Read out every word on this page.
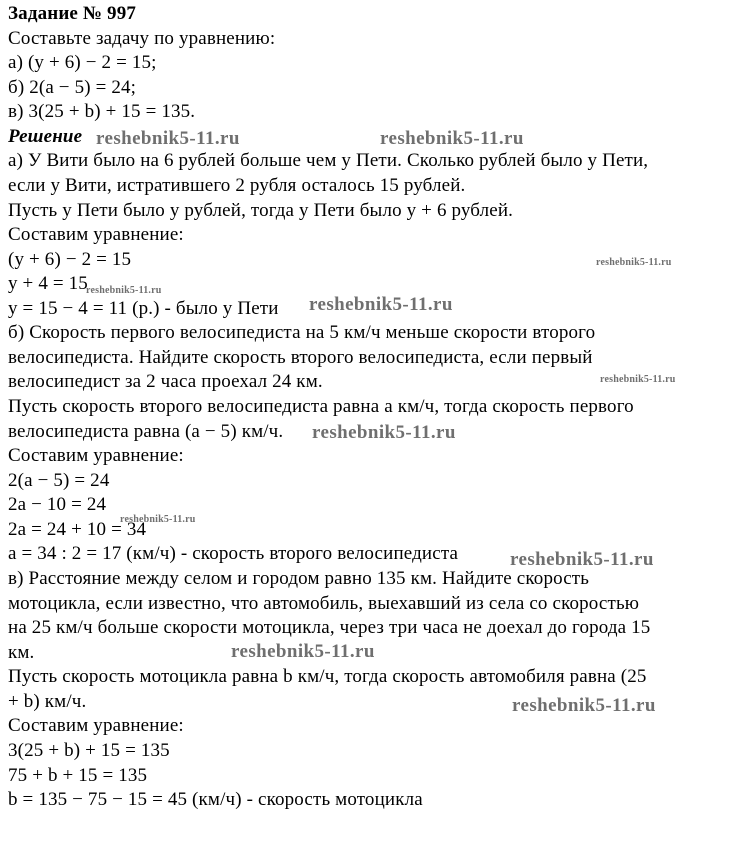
Задание № 997
Составьте задачу по уравнению:
а) (y + 6) − 2 = 15;
б) 2(a − 5) = 24;
в) 3(25 + b) + 15 = 135.
Решение
а) У Вити было на 6 рублей больше чем у Пети. Сколько рублей было у Пети,
если у Вити, истратившего 2 рубля осталось 15 рублей.
Пусть у Пети было y рублей, тогда у Пети было y + 6 рублей.
Составим уравнение:
(y + 6) − 2 = 15
y + 4 = 15
y = 15 − 4 = 11 (р.) - было у Пети
б) Скорость первого велосипедиста на 5 км/ч меньше скорости второго
велосипедиста. Найдите скорость второго велосипедиста, если первый
велосипедист за 2 часа проехал 24 км.
Пусть скорость второго велосипедиста равна a км/ч, тогда скорость первого
велосипедиста равна (a − 5) км/ч.
Составим уравнение:
2(a − 5) = 24
2a − 10 = 24
2a = 24 + 10 = 34
a = 34 : 2 = 17 (км/ч) - скорость второго велосипедиста
в) Расстояние между селом и городом равно 135 км. Найдите скорость
мотоцикла, если известно, что автомобиль, выехавший из села со скоростью
на 25 км/ч больше скорости мотоцикла, через три часа не доехал до города 15
км.
Пусть скорость мотоцикла равна b км/ч, тогда скорость автомобиля равна (25
+ b) км/ч.
Составим уравнение:
3(25 + b) + 15 = 135
75 + b + 15 = 135
b = 135 − 75 − 15 = 45 (км/ч) - скорость мотоцикла
reshebnik5-11.ru	reshebnik5-11.ru
reshebnik5-11.ru
reshebnik5-11.ru
reshebnik5-11.ru
reshebnik5-11.ru
reshebnik5-11.ru
reshebnik5-11.ru
reshebnik5-11.ru
reshebnik5-11.ru
reshebnik5-11.ru
